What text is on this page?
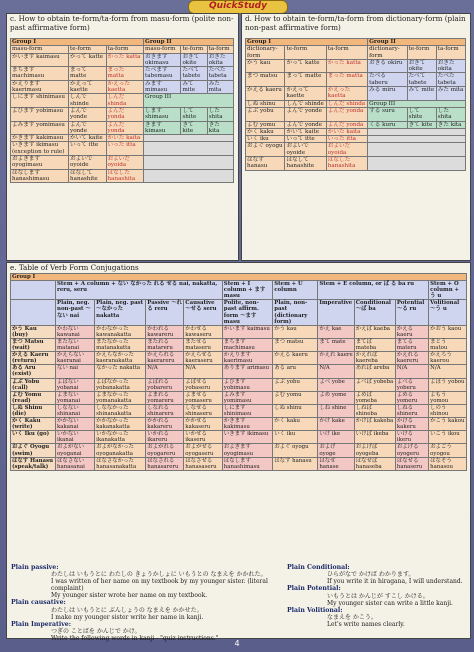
QuickStudy
c. How to obtain te-form/ta-form from masu-form (polite non-past affirmative form)
Group I			Group II		
masu-form	te-form	ta-form	masu-form	te-form	ta-form
かいます kaimasu	かって katte	かった katta	おきます okimasu	おきて okite	おきた okita
まちます machimasu	まって matte	まった matta	たべます tabemasu	たべて tabete	たべた tabeta
かえります kaerimasu	かえって kaette	かえった kaetta	みます mimasu	みて mite	みた mita
しにます shinimasu	しんで shinde	しんだ shinda	Group III		
よびます yobimasu	よんで yonde	よんだ yonda	します shimasu	して shite	した shita
よみます yomimasu	よんで yonde	よんだ yonda	きます kimasu	きて kite	きた kita
かきます kakimasu	かいて kaite	かいた kaita			
いきます ikimasu (exception to rule)	いって itte	いった itta			
およぎます oyogimasu	およいで oyoide	およいだ oyoida			
はなします hanashimasu	はなして hanashite	はなした hanashita			
d. How to obtain te-form/ta-form from dictionary-form (plain non-past affirmative form)
Group I			Group II		
dictionary-form	te-form	ta-form	dictionary-form	te-form	ta-form
かう kau	かって katte	かった katta	おきる okiru	おきて okite	おきた okita
まつ matsu	まって matte	まった matta	たべる taberu	たべて tabete	たべた tabeta
かえる kaeru	かえって kaette	かえった kaetta	みる miru	みて mite	みた mita
しぬ shinu	しんで shinde	しんだ shinda	Group III		
よぶ yobu	よんで yonde	よんだ yonda	する suru	して shite	した shita
よむ yomu	よんで yonde	よんだ yonda	くる kuru	きて kite	きた kita
かく kaku	かいて kaite	かいた kaita			
いく iku	いって itte	いった itta			
およぐ oyogu	およいで oyoide	およいだ oyoida			
はなす hanasu	はなして hanashite	はなした hanashita			
e. Table of Verb Form Conjugations
Group I										
	Stem + A column + ない なかった れる せる nai, nakatta, reru, seru				Stem + I column + ます masu	Stem + U column	Stem + E column, or ば る ba ru			Stem + O column + う u
	Plain, neg. non-past ～ない nai	Plain, neg. past ～なかった nakatta	Passive ～れる reru	Causative ～せる seru	Polite, non-past affirm. form ～ます masu	Plain, non-past (dictionary form)	Imperative	Conditional ～ば ba	Potential ～る ru	Volitional ～う u
かう Kau (buy)	かわない kawanai	かわなかった kawanakatta	かわれる kawareru	かわせる kawaseru	かいます kaimasu	かう kau	かえ kae	かえば kaeba	かえる kaeru	かおう kaou
まつ Matsu (wait)	またない matanai	またなかった matanakatta	またれる matareru	またせる mataseru	まちます machimasu	まつ matsu	まて mate	まてば mateba	まてる materu	まとう matou
かえる Kaeru (return)	かえらない kaeranai	かえらなかった kaeranakatta	かえられる kaerareru	かえらせる kaeraseru	かえります kaerimasu	かえる kaeru	かえれ kaere	かえれば kaereba	かえれる kaereru	かえろう kaerou
ある Aru (exist)	ない nai	なかった nakatta	N/A	N/A	あります arimasu	ある aru	N/A	あれば areba	N/A	N/A
よぶ Yobu (call)	よばない yobanai	よばなかった yobanakatta	よばれる yobareru	よばせる yobaseru	よびます yobimasu	よぶ yobu	よべ yobe	よべば yobeba	よべる yoberu	よぼう yobou
よむ Yomu (read)	よまない yomanai	よまなかった yomanakatta	よまれる yomareru	よませる yomaseru	よみます yomimasu	よむ yomu	よめ yome	よめば yomeba	よめる yomeru	よもう yomou
しぬ Shinu (die)	しなない shinanai	しななかった shinanakatta	しなれる shinareru	しなせる shinaseru	しにます shinimasu	しぬ shinu	しね shine	しねば shineba	しねる shineru	しのう shinou
かく Kaku (write)	かかない kakanai	かかなかった kakanakatta	かかれる kakareru	かかせる kakaseru	かきます kakimasu	かく kaku	かけ kake	かけば kakeba	かける kakeru	かこう kakou
いく Iku (go)	いかない ikanai	いかなかった ikanakatta	いかれる ikareru	いかせる ikaseru	いきます ikimasu	いく iku	いけ ike	いけば ikeba	いける ikeru	いこう ikou
およぐ Oyogu (swim)	およがない oyoganai	およがなかった oyoganakatta	およがれる oyogareru	およがせる oyogaseru	およぎます oyogimasu	およぐ oyogu	およげ oyoge	およげば oyogeba	およげる oyogeru	およごう oyogou
はなす Hanasu (speak/talk)	はなさない hanasanai	はなさなかった hanasanakatta	はなされる hanasareru	はなさせる hanasaseru	はなします hanashimasu	はなす hanasu	はなせ hanase	はなせば hanaseba	はなせる hanaseru	はなそう hanasou
Plain passive:
わたしは いもうとに わたしの きょうかしょに いもうとの なまえを かかれた。
I was written of her name on my textbook by my younger sister. (literal complaint)
My younger sister wrote her name on my textbook.
Plain causative:
わたしは いもうとに ぶんしょうの なまえを かかせた。
I make my younger sister write her name in kanji.
Plain Imperative:
つぎの ことばを かんじで かけ。
Write the following words in kanji - "quiz instructions."
Plain Conditional:
ひらがなで かけば わかります。
If you write it in hiragana, I will understand.
Plain Potential:
いもうとは かんじが すこし かける。
My younger sister can write a little kanji.
Plain Volitional:
なまえを かこう。
Let's write names clearly.
4
